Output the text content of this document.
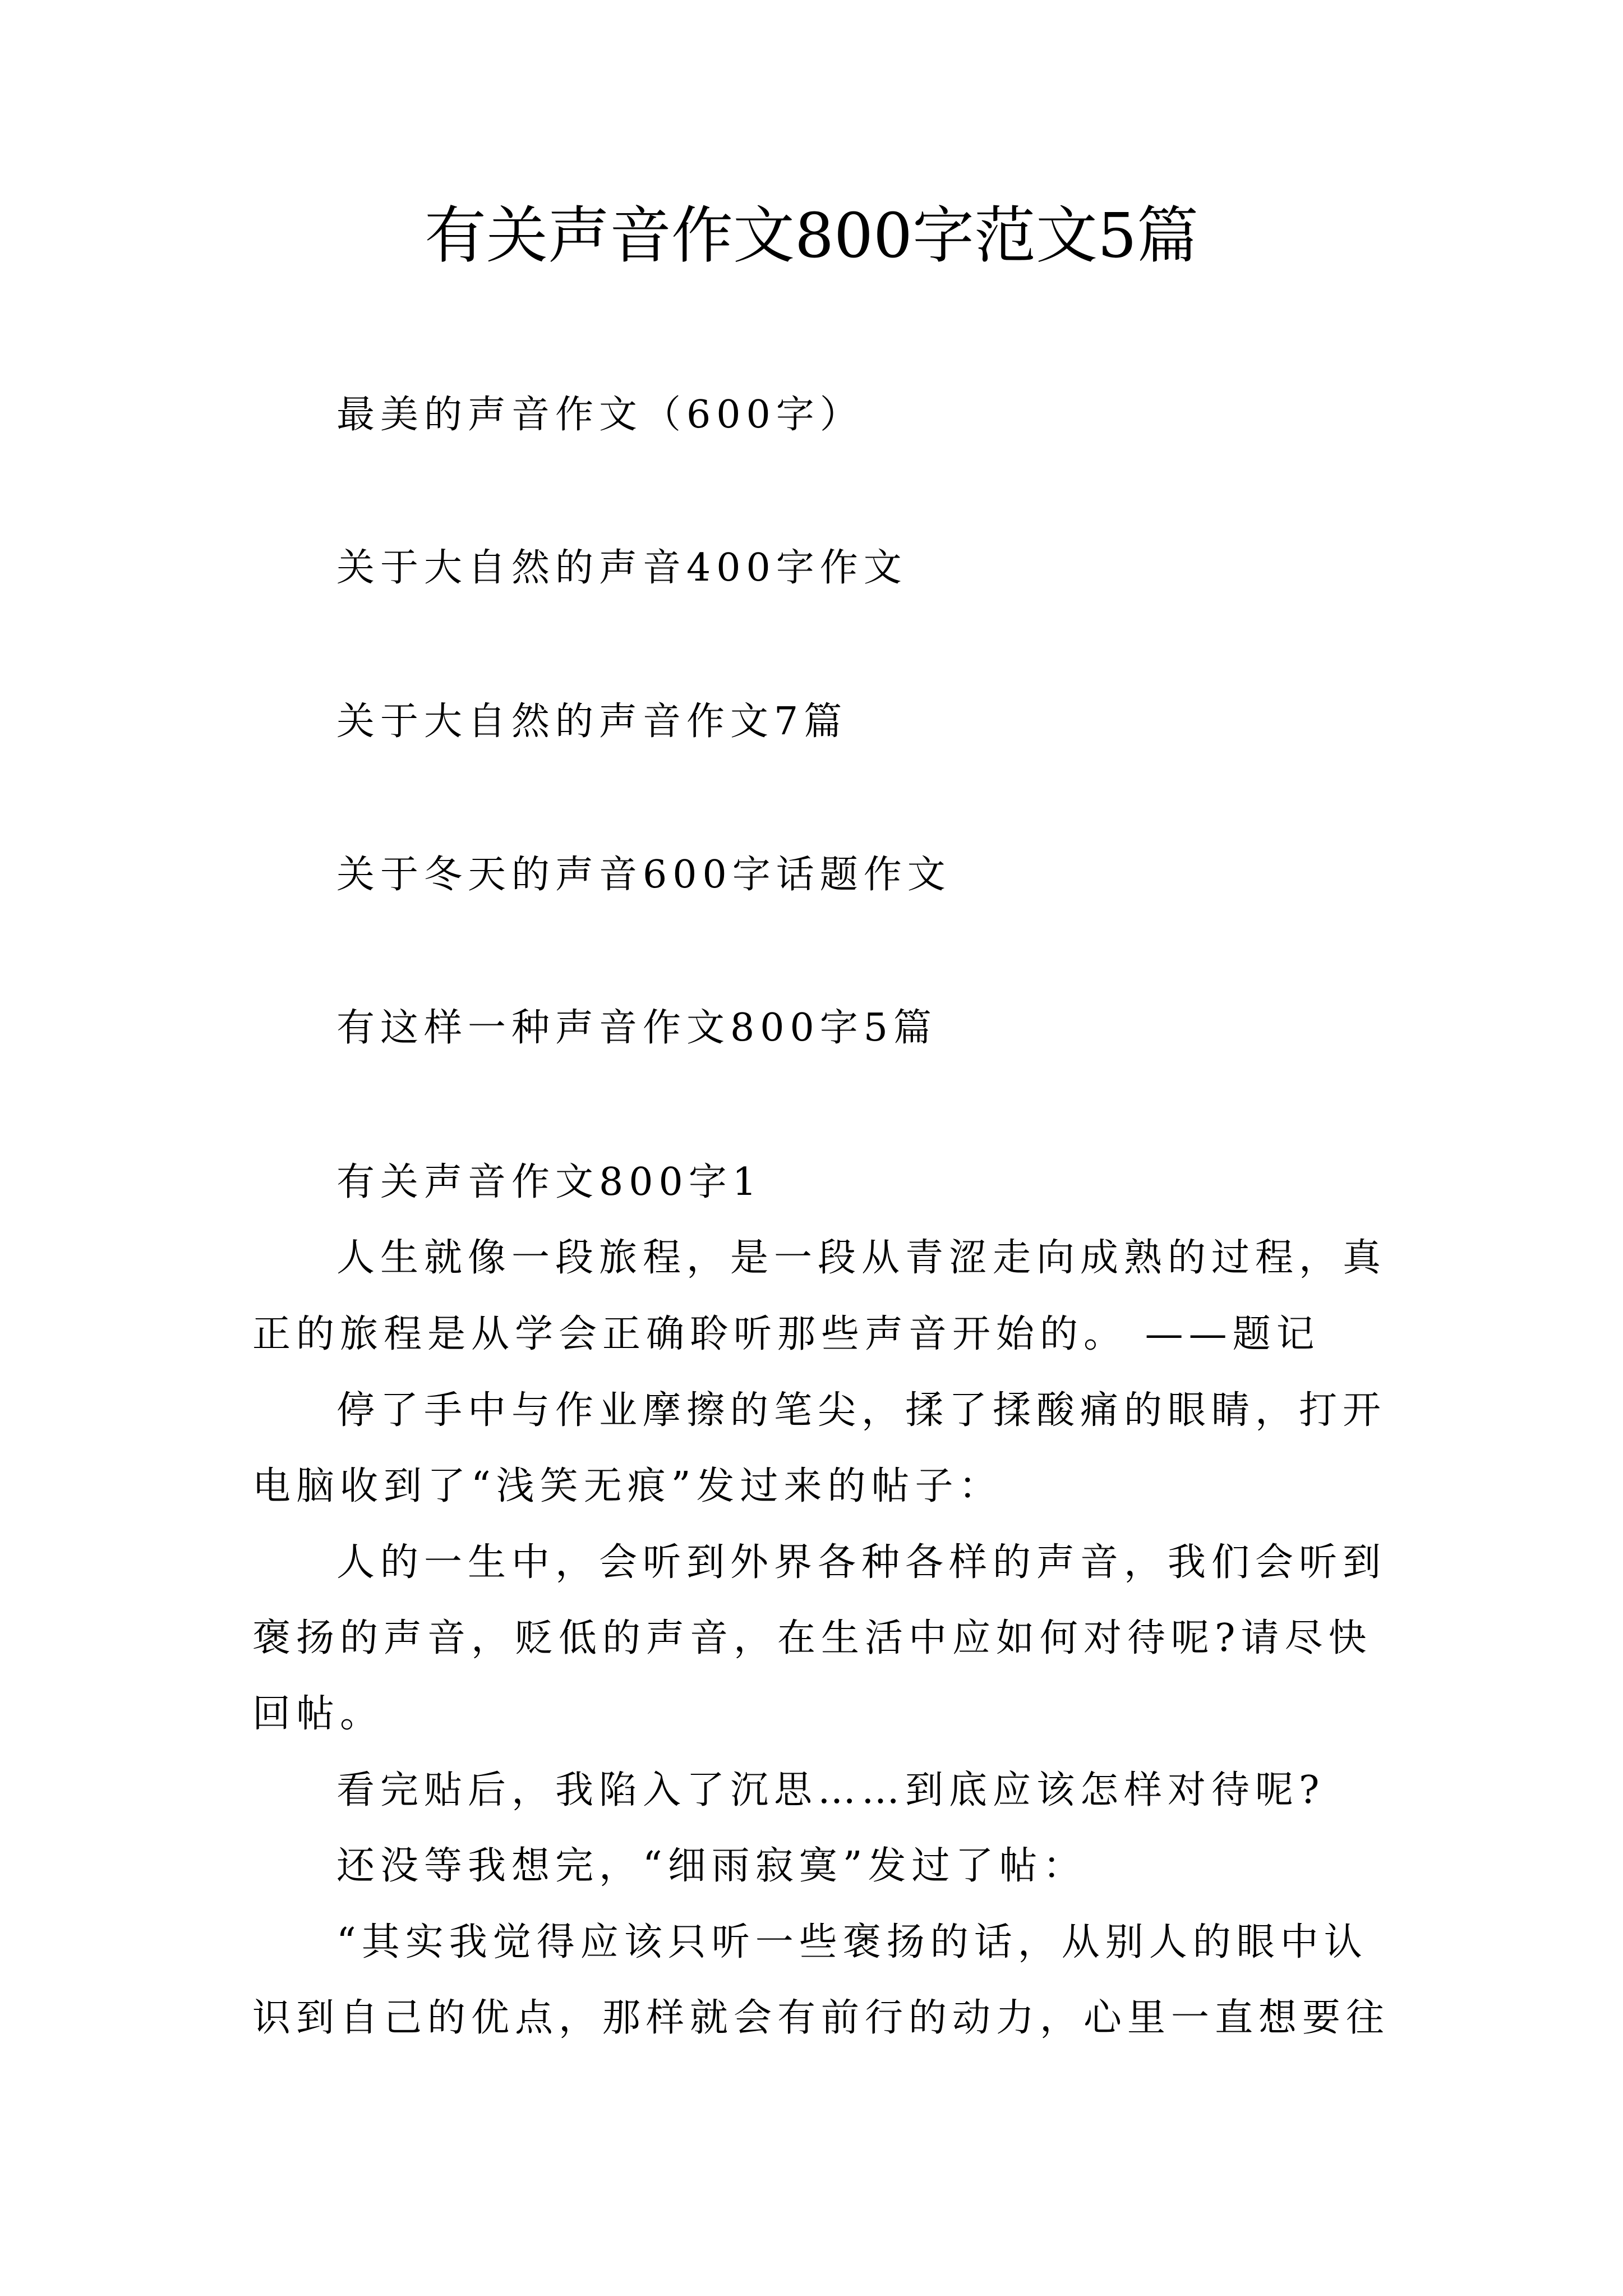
有关声音作文800字范文5篇
最美的声音作文（600字）
关于大自然的声音400字作文
关于大自然的声音作文7篇
关于冬天的声音600字话题作文
有这样一种声音作文800字5篇
有关声音作文800字1
人生就像一段旅程，是一段从青涩走向成熟的过程，真
正的旅程是从学会正确聆听那些声音开始的。 ——题记
停了手中与作业摩擦的笔尖，揉了揉酸痛的眼睛，打开
电脑收到了“浅笑无痕”发过来的帖子：
人的一生中，会听到外界各种各样的声音，我们会听到
褒扬的声音，贬低的声音，在生活中应如何对待呢?请尽快
回帖。
看完贴后，我陷入了沉思……到底应该怎样对待呢?
还没等我想完，“细雨寂寞”发过了帖：
“其实我觉得应该只听一些褒扬的话，从别人的眼中认
识到自己的优点，那样就会有前行的动力，心里一直想要往
